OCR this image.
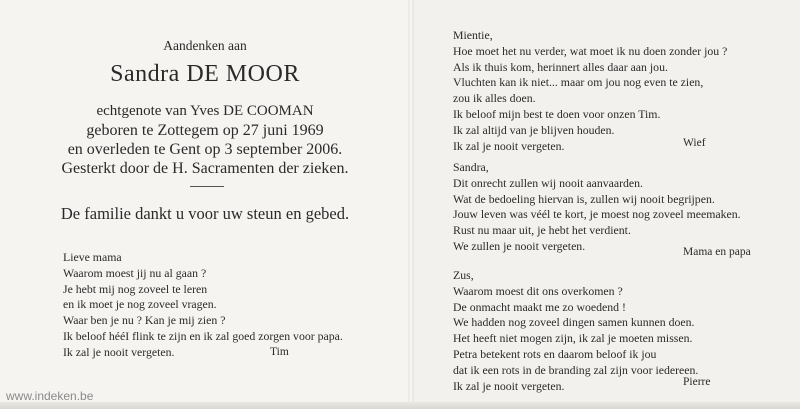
Aandenken aan
Sandra DE MOOR
echtgenote van Yves DE COOMAN
geboren te Zottegem op 27 juni 1969
en overleden te Gent op 3 september 2006.
Gesterkt door de H. Sacramenten der zieken.
De familie dankt u voor uw steun en gebed.
Lieve mama
Waarom moest jij nu al gaan ?
Je hebt mij nog zoveel te leren
en ik moet je nog zoveel vragen.
Waar ben je nu ? Kan je mij zien ?
Ik beloof hééI flink te zijn en ik zal goed zorgen voor papa.
Ik zal je nooit vergeten.	Tim
Mientie,
Hoe moet het nu verder, wat moet ik nu doen zonder jou ?
Als ik thuis kom, herinnert alles daar aan jou.
Vluchten kan ik niet... maar om jou nog even te zien,
zou ik alles doen.
Ik beloof mijn best te doen voor onzen Tim.
Ik zal altijd van je blijven houden.
Ik zal je nooit vergeten.	Wief
Sandra,
Dit onrecht zullen wij nooit aanvaarden.
Wat de bedoeling hiervan is, zullen wij nooit begrijpen.
Jouw leven was véél te kort, je moest nog zoveel meemaken.
Rust nu maar uit, je hebt het verdient.
We zullen je nooit vergeten.	Mama en papa
Zus,
Waarom moest dit ons overkomen ?
De onmacht maakt me zo woedend !
We hadden nog zoveel dingen samen kunnen doen.
Het heeft niet mogen zijn, ik zal je moeten missen.
Petra betekent rots en daarom beloof ik jou
dat ik een rots in de branding zal zijn voor iedereen.
Ik zal je nooit vergeten.	Pierre
www.indeken.be
